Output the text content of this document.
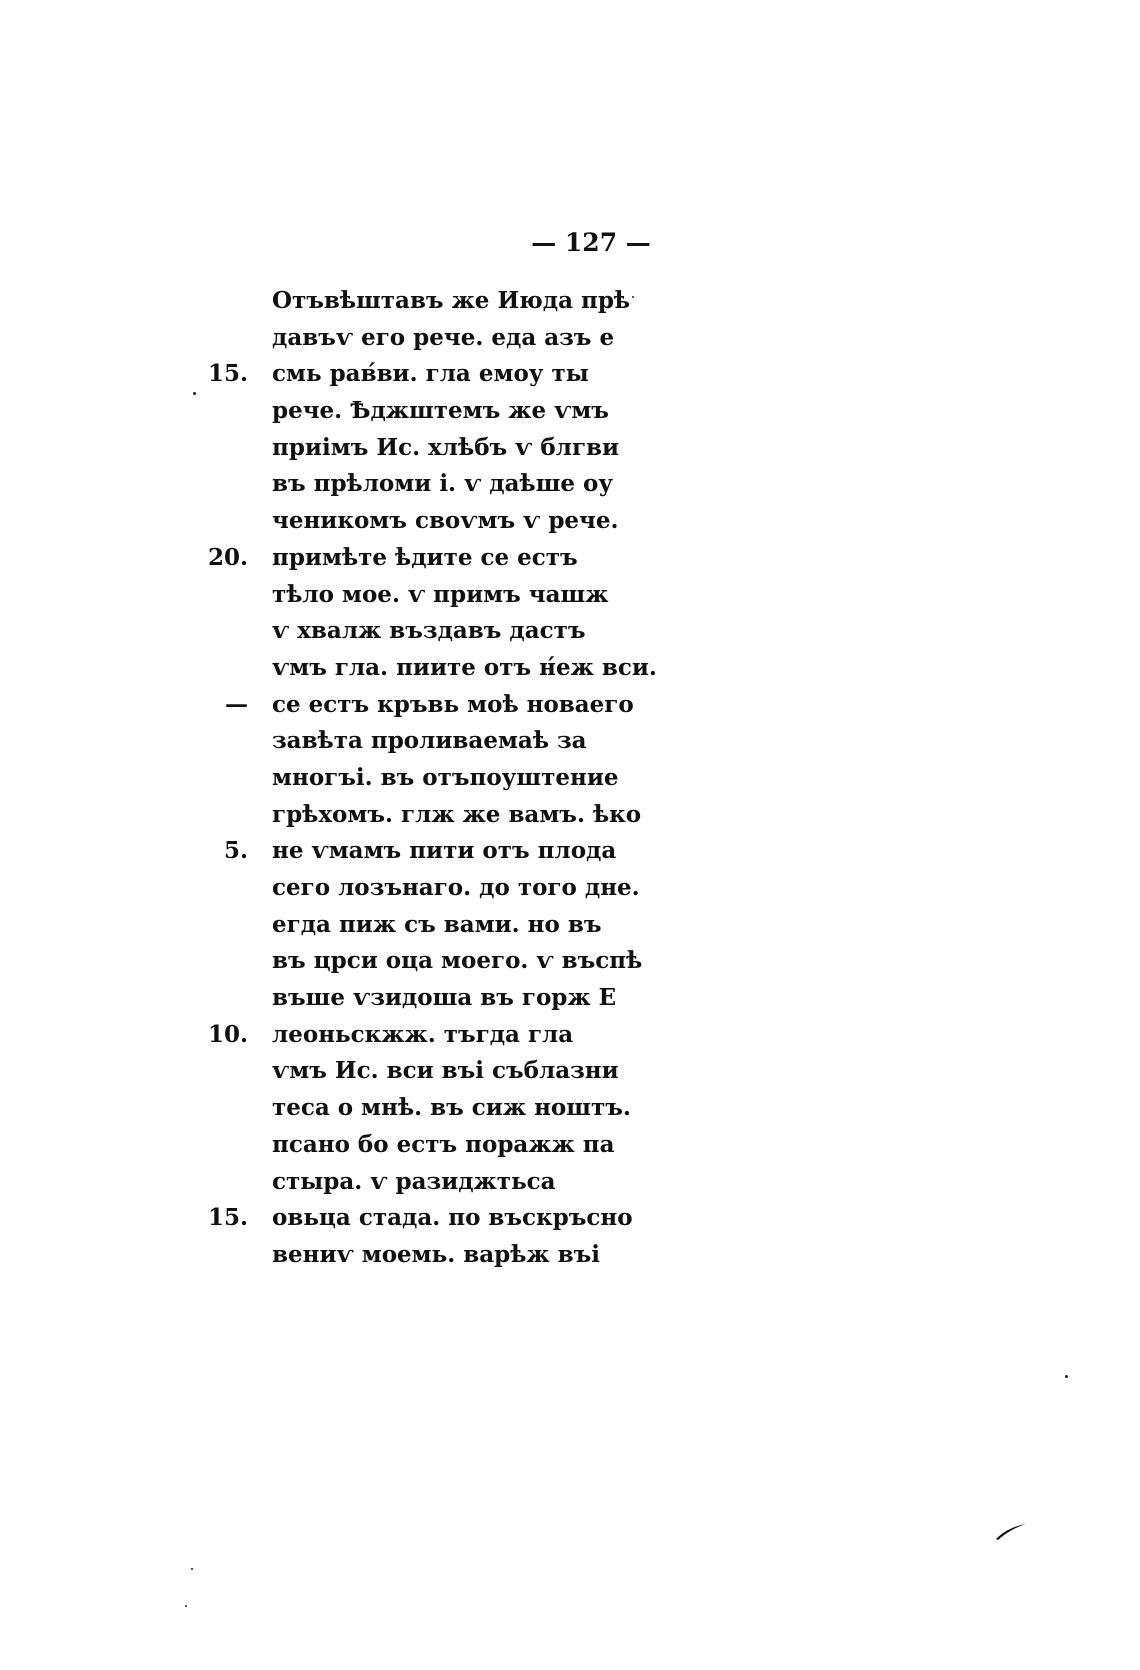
— 127 —
Отъвѣштавъ же Июда прѣ
давъѵ его рече. еда азъ е
15. смь рав́ви. гла емоу ты
рече. Ѣджштемъ же ѵмъ
приімъ Ис. хлѣбъ ѵ блгви
въ прѣломи і. ѵ даѣше оу
ченикомъ своѵмъ ѵ рече.
20. примѣте ѣдите се естъ
тѣло мое. ѵ примъ чашж
ѵ хвалж въздавъ дастъ
ѵмъ гла. пиите отъ н́еж вси.
— се естъ кръвь моѣ новаего
завѣта проливаемаѣ за
многъі. въ отъпоуштение
грѣхомъ. глж же вамъ. ѣко
5. не ѵмамъ пити отъ плода
сего лозънаго. до того дне.
егда пиж съ вами. но въ
въ црси оца моего. ѵ въспѣ
въше ѵзидоша въ горж Е
10. леоньскжж. тъгда гла
ѵмъ Ис. вси въі съблазни
теса о мнѣ. въ сиж ноштъ.
псано бо естъ поражж па
стыра. ѵ разиджтьса
15. овьца стада. по въскръсно
вениѵ моемь. варѣж въі
